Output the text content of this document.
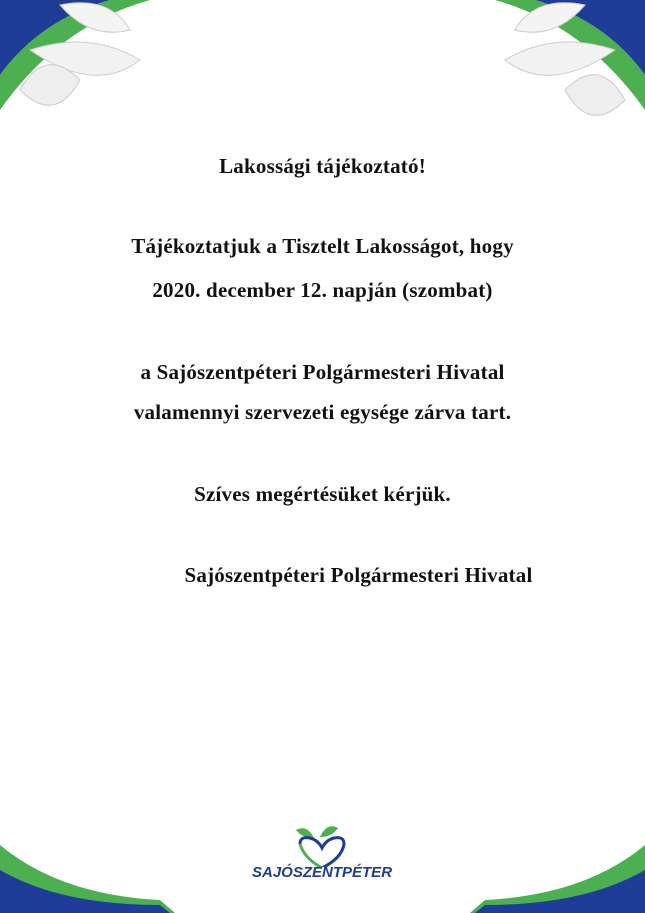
Lakossági tájékoztató!
Tájékoztatjuk a Tisztelt Lakosságot, hogy
2020. december 12. napján (szombat)
a Sajószentpéteri Polgármesteri Hivatal
valamennyi szervezeti egysége zárva tart.
Szíves megértésüket kérjük.
Sajószentpéteri Polgármesteri Hivatal
SAJÓSZENTPÉTER
